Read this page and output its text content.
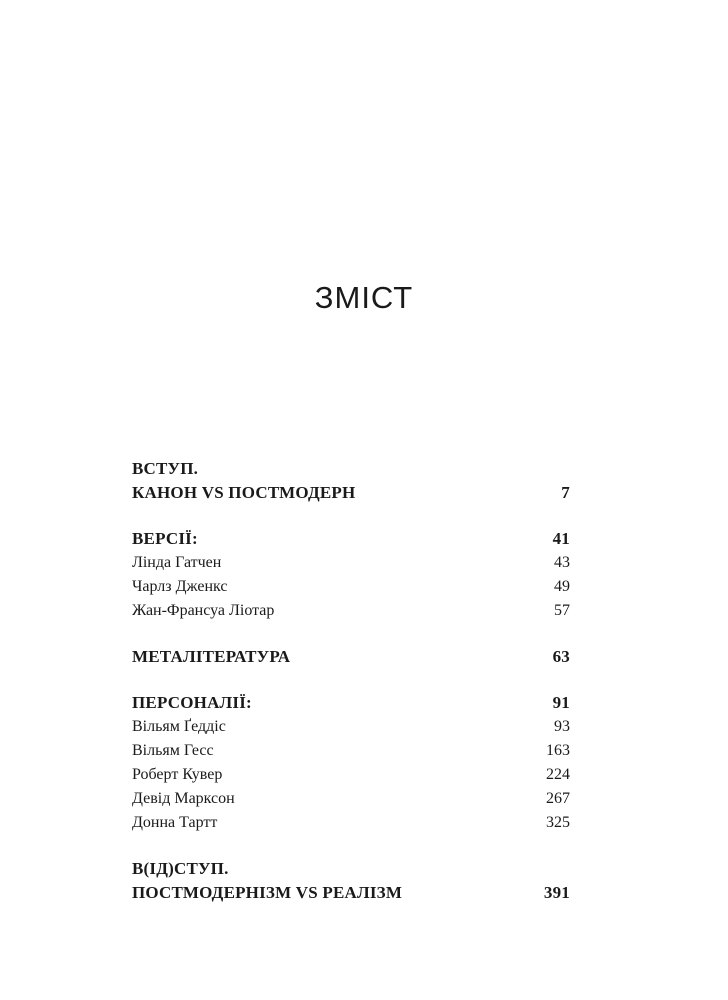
ЗМІСТ
ВСТУП.
КАНОН VS ПОСТМОДЕРН	7
ВЕРСІЇ:	41
Лінда Гатчен	43
Чарлз Дженкс	49
Жан-Франсуа Ліотар	57
МЕТАЛІТЕРАТУРА	63
ПЕРСОНАЛІЇ:	91
Вільям Ґеддіс	93
Вільям Гесс	163
Роберт Кувер	224
Девід Марксон	267
Донна Тартт	325
В(ІД)СТУП.
ПОСТМОДЕРНІЗМ VS РЕАЛІЗМ	391
